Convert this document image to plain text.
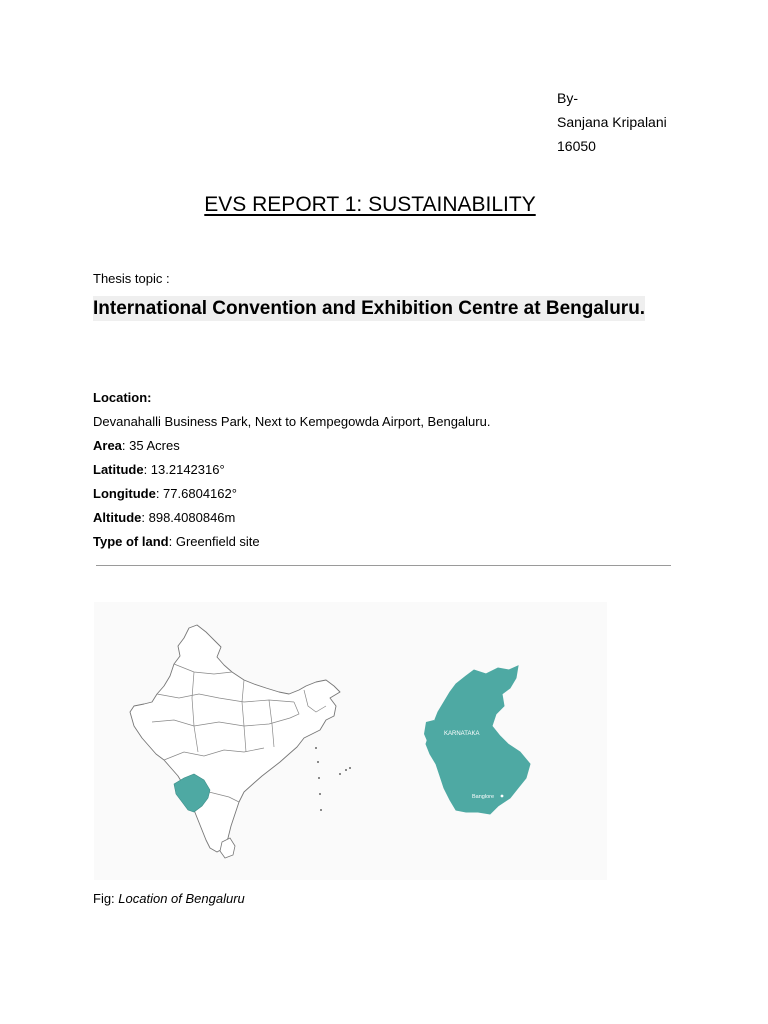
By-
Sanjana Kripalani
16050
EVS REPORT 1: SUSTAINABILITY
Thesis topic :
International Convention and Exhibition Centre at Bengaluru.
Location:
Devanahalli Business Park, Next to Kempegowda Airport, Bengaluru.
Area: 35 Acres
Latitude: 13.2142316°
Longitude: 77.6804162°
Altitude: 898.4080846m
Type of land: Greenfield site
KARNATAKA
Banglore
Fig: Location of Bengaluru
